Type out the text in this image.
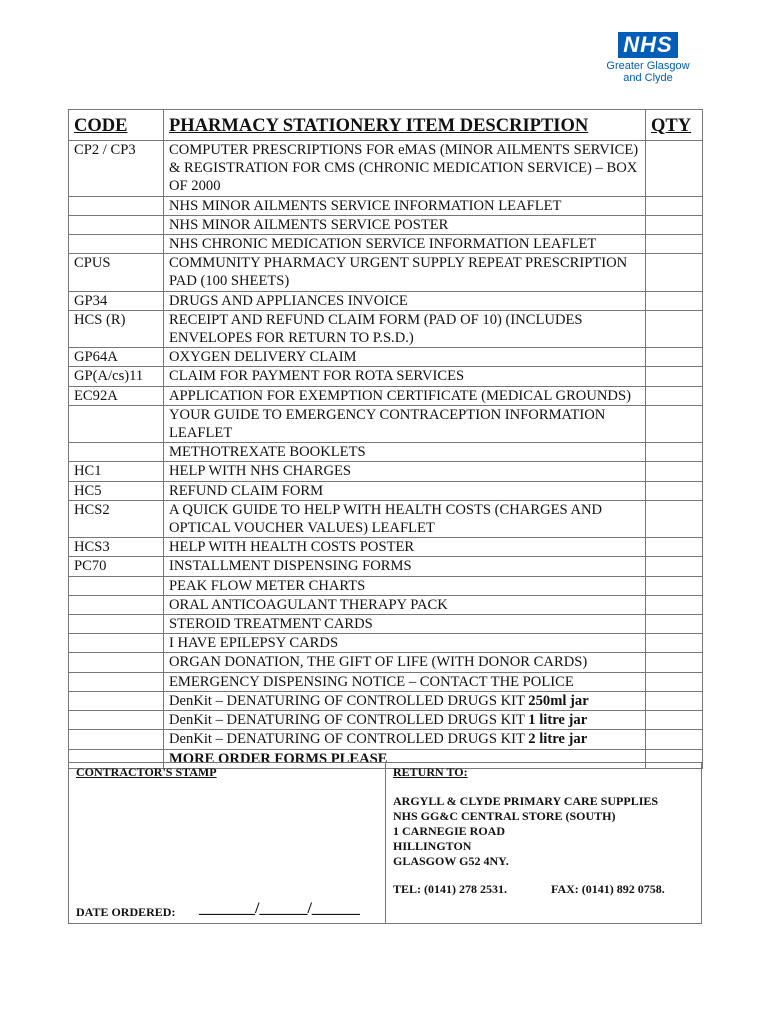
NHS
Greater Glasgow
and Clyde
CODE	PHARMACY STATIONERY ITEM DESCRIPTION	QTY
CP2 / CP3	COMPUTER PRESCRIPTIONS FOR eMAS (MINOR AILMENTS SERVICE) & REGISTRATION FOR CMS (CHRONIC MEDICATION SERVICE) – BOX OF 2000	
	NHS MINOR AILMENTS SERVICE INFORMATION LEAFLET	
	NHS MINOR AILMENTS SERVICE POSTER	
	NHS CHRONIC MEDICATION SERVICE INFORMATION LEAFLET	
CPUS	COMMUNITY PHARMACY URGENT SUPPLY REPEAT PRESCRIPTION PAD (100 SHEETS)	
GP34	DRUGS AND APPLIANCES INVOICE	
HCS (R)	RECEIPT AND REFUND CLAIM FORM (PAD OF 10) (INCLUDES ENVELOPES FOR RETURN TO P.S.D.)	
GP64A	OXYGEN DELIVERY CLAIM	
GP(A/cs)11	CLAIM FOR PAYMENT FOR ROTA SERVICES	
EC92A	APPLICATION FOR EXEMPTION CERTIFICATE (MEDICAL GROUNDS)	
	YOUR GUIDE TO EMERGENCY CONTRACEPTION INFORMATION LEAFLET	
	METHOTREXATE BOOKLETS	
HC1	HELP WITH NHS CHARGES	
HC5	REFUND CLAIM FORM	
HCS2	A QUICK GUIDE TO HELP WITH HEALTH COSTS (CHARGES AND OPTICAL VOUCHER VALUES) LEAFLET	
HCS3	HELP WITH HEALTH COSTS POSTER	
PC70	INSTALLMENT DISPENSING FORMS	
	PEAK FLOW METER CHARTS	
	ORAL ANTICOAGULANT THERAPY PACK	
	STEROID TREATMENT CARDS	
	I HAVE EPILEPSY CARDS	
	ORGAN DONATION, THE GIFT OF LIFE (WITH DONOR CARDS)	
	EMERGENCY DISPENSING NOTICE – CONTACT THE POLICE	
	DenKit – DENATURING OF CONTROLLED DRUGS KIT 250ml jar	
	DenKit – DENATURING OF CONTROLLED DRUGS KIT 1 litre jar	
	DenKit – DENATURING OF CONTROLLED DRUGS KIT 2 litre jar	
	MORE ORDER FORMS PLEASE	
CONTRACTOR'S STAMP
DATE ORDERED: _______/______/______
RETURN TO:
ARGYLL & CLYDE PRIMARY CARE SUPPLIES
NHS GG&C CENTRAL STORE (SOUTH)
1 CARNEGIE ROAD
HILLINGTON
GLASGOW G52 4NY.
TEL: (0141) 278 2531.	FAX: (0141) 892 0758.
